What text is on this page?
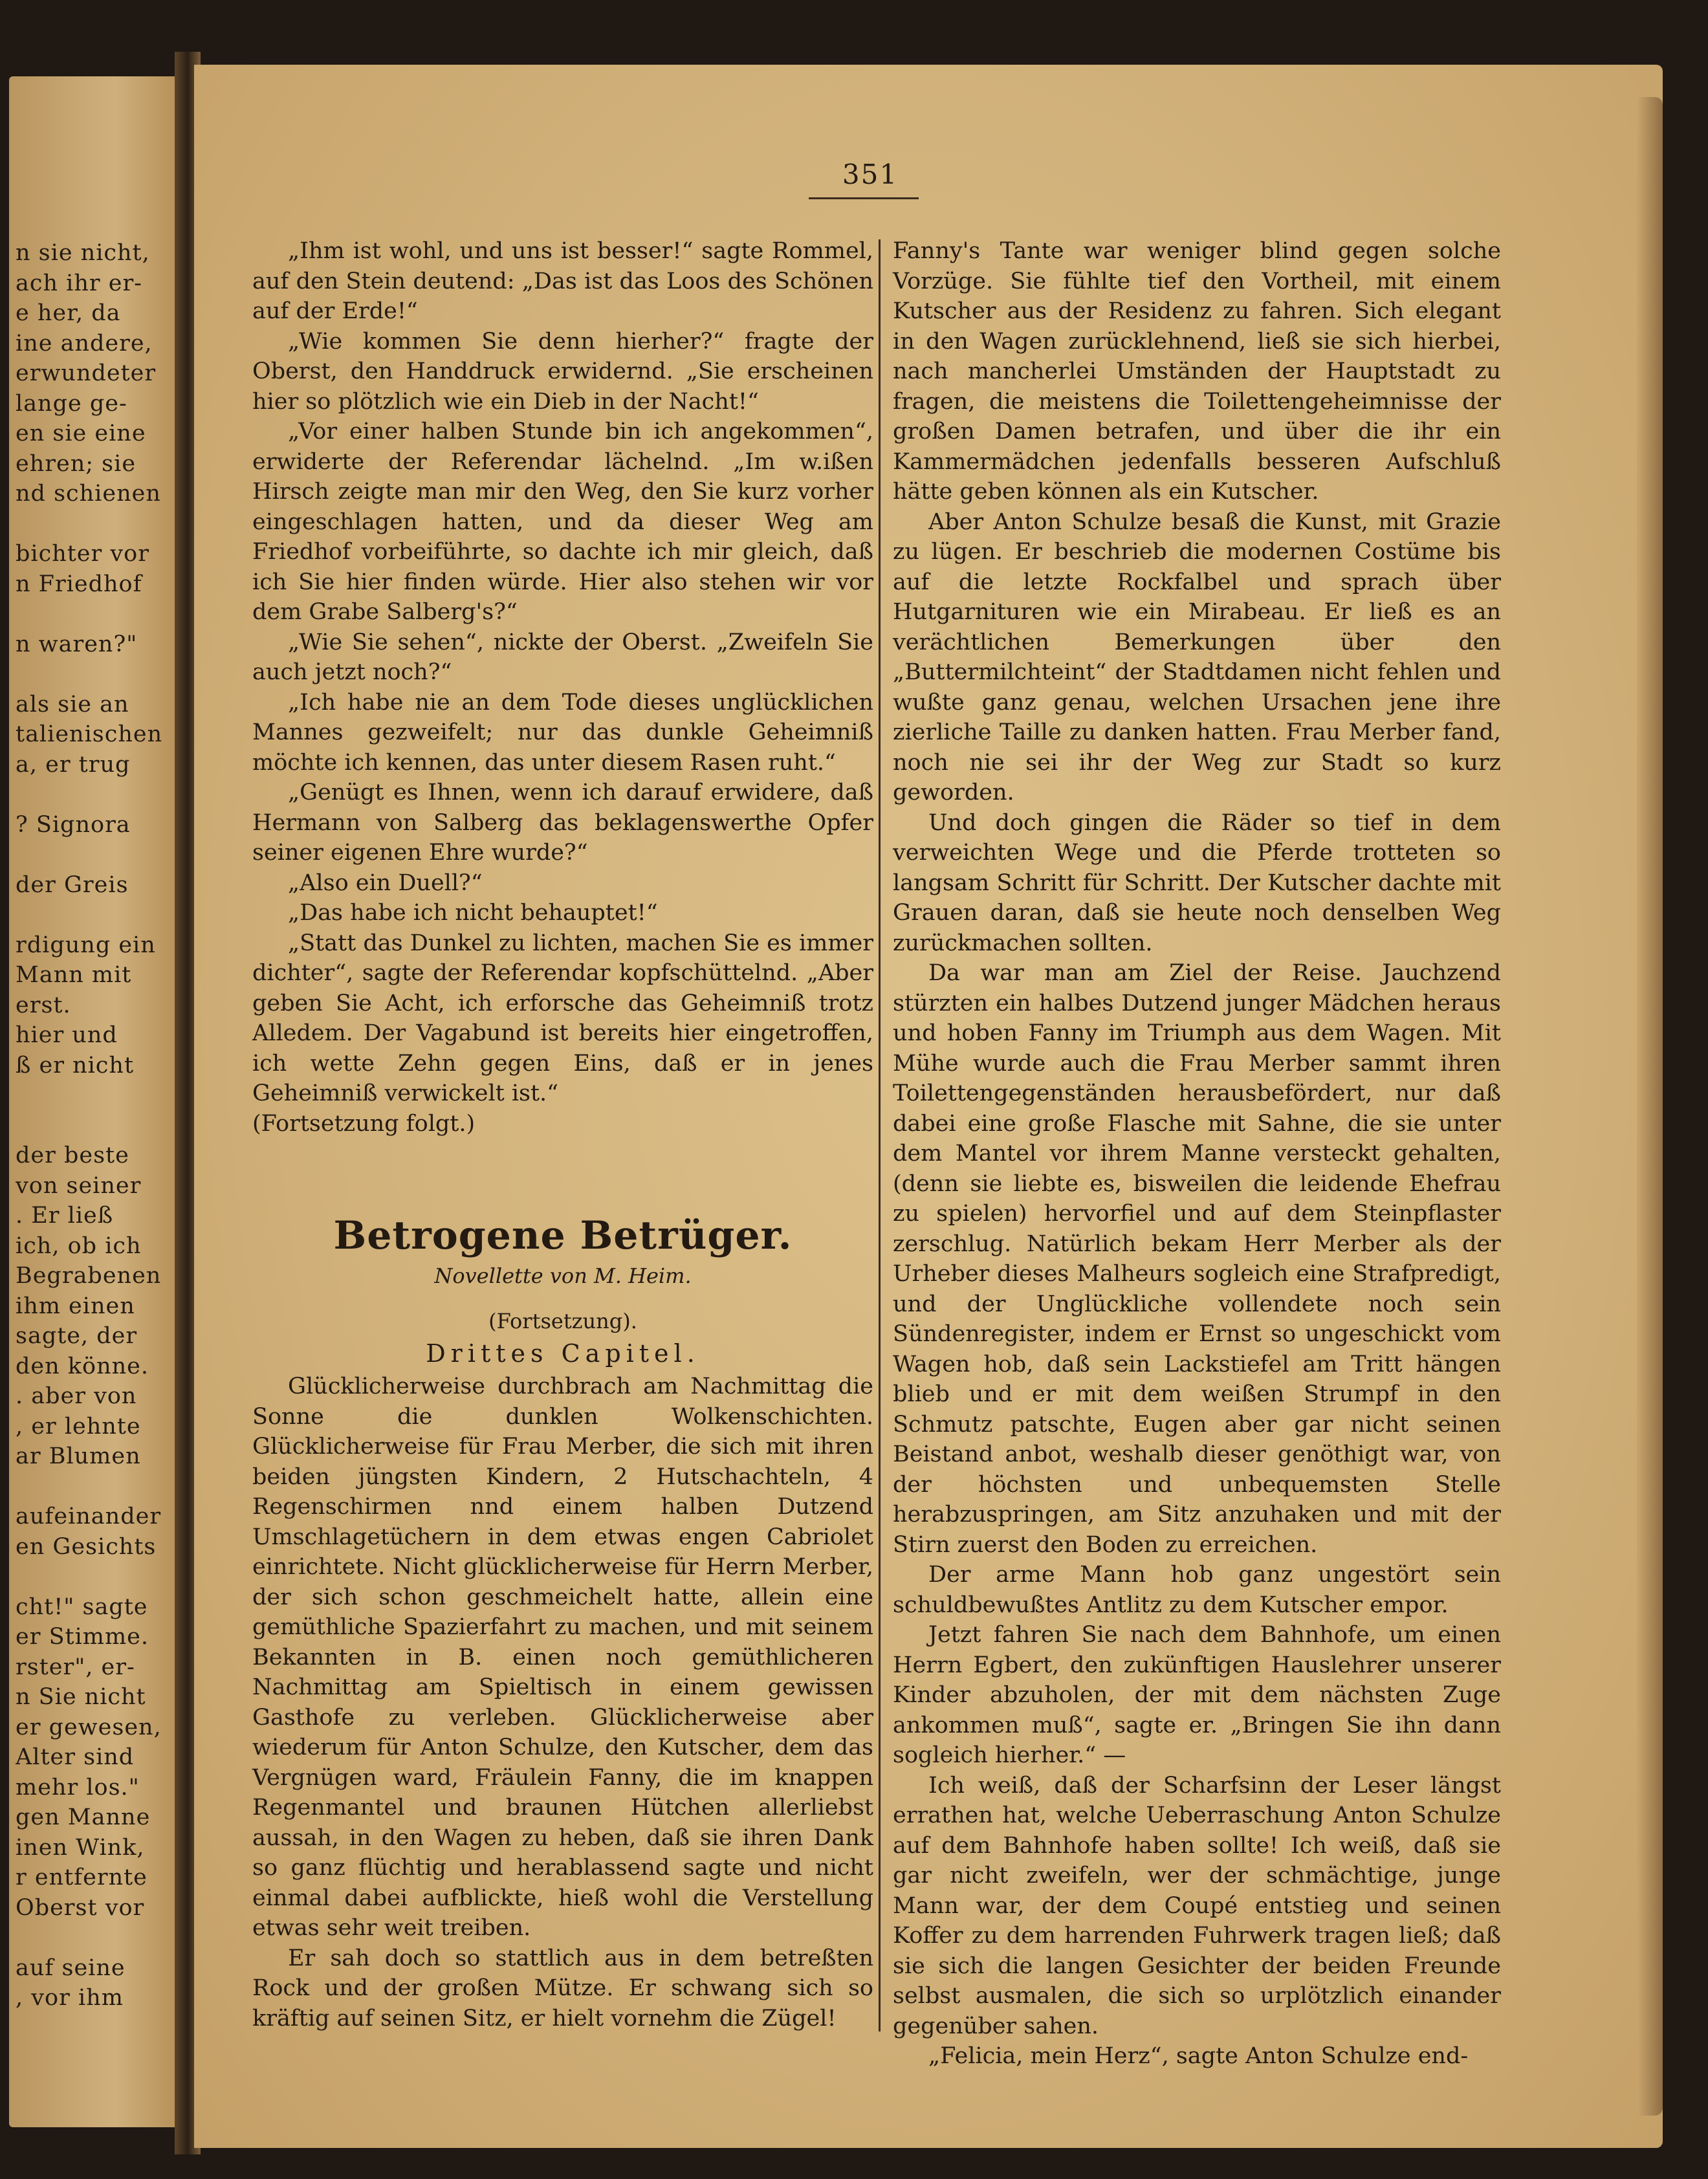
n sie nicht,
ach ihr er-
e her, da
ine andere,
erwundeter
lange ge-
en sie eine
ehren; sie
nd schienen
bichter vor
n Friedhof
n waren?"
als sie an
talienischen
a, er trug
? Signora
der Greis
rdigung ein
Mann mit
erst.
hier und
ß er nicht
der beste
von seiner
. Er ließ
ich, ob ich
Begrabenen
ihm einen
sagte, der
den könne.
. aber von
, er lehnte
ar Blumen
aufeinander
en Gesichts
cht!" sagte
er Stimme.
rster", er-
n Sie nicht
er gewesen,
Alter sind
mehr los."
gen Manne
inen Wink,
r entfernte
Oberst vor
auf seine
, vor ihm
351

„Ihm ist wohl, und uns ist besser!“ sagte Rommel, auf den Stein deutend: „Das ist das Loos des Schönen auf der Erde!“

„Wie kommen Sie denn hierher?“ fragte der Oberst, den Handdruck erwidernd. „Sie erscheinen hier so plötzlich wie ein Dieb in der Nacht!“

„Vor einer halben Stunde bin ich angekommen“, erwiderte der Referendar lächelnd. „Im w.ißen Hirsch zeigte man mir den Weg, den Sie kurz vorher eingeschlagen hatten, und da dieser Weg am Friedhof vorbeiführte, so dachte ich mir gleich, daß ich Sie hier finden würde. Hier also stehen wir vor dem Grabe Salberg's?“

„Wie Sie sehen“, nickte der Oberst. „Zweifeln Sie auch jetzt noch?“

„Ich habe nie an dem Tode dieses unglücklichen Mannes gezweifelt; nur das dunkle Geheimniß möchte ich kennen, das unter diesem Rasen ruht.“

„Genügt es Ihnen, wenn ich darauf erwidere, daß Hermann von Salberg das beklagenswerthe Opfer seiner eigenen Ehre wurde?“

„Also ein Duell?“

„Das habe ich nicht behauptet!“

„Statt das Dunkel zu lichten, machen Sie es immer dichter“, sagte der Referendar kopfschüttelnd. „Aber geben Sie Acht, ich erforsche das Geheimniß trotz Alledem. Der Vagabund ist bereits hier eingetroffen, ich wette Zehn gegen Eins, daß er in jenes Geheimniß verwickelt ist.“

(Fortsetzung folgt.)

Betrogene Betrüger.
Novellette von M. Heim.
(Fortsetzung).
Drittes Capitel.

Glücklicherweise durchbrach am Nachmittag die Sonne die dunklen Wolkenschichten. Glücklicherweise für Frau Merber, die sich mit ihren beiden jüngsten Kindern, 2 Hutschachteln, 4 Regenschirmen nnd einem halben Dutzend Umschlagetüchern in dem etwas engen Cabriolet einrichtete. Nicht glücklicherweise für Herrn Merber, der sich schon geschmeichelt hatte, allein eine gemüthliche Spazierfahrt zu machen, und mit seinem Bekannten in B. einen noch gemüthlicheren Nachmittag am Spieltisch in einem gewissen Gasthofe zu verleben. Glücklicherweise aber wiederum für Anton Schulze, den Kutscher, dem das Vergnügen ward, Fräulein Fanny, die im knappen Regenmantel und braunen Hütchen allerliebst aussah, in den Wagen zu heben, daß sie ihren Dank so ganz flüchtig und herablassend sagte und nicht einmal dabei aufblickte, hieß wohl die Verstellung etwas sehr weit treiben.

Er sah doch so stattlich aus in dem betreßten Rock und der großen Mütze. Er schwang sich so kräftig auf seinen Sitz, er hielt vornehm die Zügel!

Fanny's Tante war weniger blind gegen solche Vorzüge. Sie fühlte tief den Vortheil, mit einem Kutscher aus der Residenz zu fahren. Sich elegant in den Wagen zurücklehnend, ließ sie sich hierbei, nach mancherlei Umständen der Hauptstadt zu fragen, die meistens die Toilettengeheimnisse der großen Damen betrafen, und über die ihr ein Kammermädchen jedenfalls besseren Aufschluß hätte geben können als ein Kutscher.

Aber Anton Schulze besaß die Kunst, mit Grazie zu lügen. Er beschrieb die modernen Costüme bis auf die letzte Rockfalbel und sprach über Hutgarnituren wie ein Mirabeau. Er ließ es an verächtlichen Bemerkungen über den „Buttermilchteint“ der Stadtdamen nicht fehlen und wußte ganz genau, welchen Ursachen jene ihre zierliche Taille zu danken hatten. Frau Merber fand, noch nie sei ihr der Weg zur Stadt so kurz geworden.

Und doch gingen die Räder so tief in dem verweichten Wege und die Pferde trotteten so langsam Schritt für Schritt. Der Kutscher dachte mit Grauen daran, daß sie heute noch denselben Weg zurückmachen sollten.

Da war man am Ziel der Reise. Jauchzend stürzten ein halbes Dutzend junger Mädchen heraus und hoben Fanny im Triumph aus dem Wagen. Mit Mühe wurde auch die Frau Merber sammt ihren Toilettengegenständen herausbefördert, nur daß dabei eine große Flasche mit Sahne, die sie unter dem Mantel vor ihrem Manne versteckt gehalten, (denn sie liebte es, bisweilen die leidende Ehefrau zu spielen) hervorfiel und auf dem Steinpflaster zerschlug. Natürlich bekam Herr Merber als der Urheber dieses Malheurs sogleich eine Strafpredigt, und der Unglückliche vollendete noch sein Sündenregister, indem er Ernst so ungeschickt vom Wagen hob, daß sein Lackstiefel am Tritt hängen blieb und er mit dem weißen Strumpf in den Schmutz patschte, Eugen aber gar nicht seinen Beistand anbot, weshalb dieser genöthigt war, von der höchsten und unbequemsten Stelle herabzuspringen, am Sitz anzuhaken und mit der Stirn zuerst den Boden zu erreichen.

Der arme Mann hob ganz ungestört sein schuldbewußtes Antlitz zu dem Kutscher empor.

Jetzt fahren Sie nach dem Bahnhofe, um einen Herrn Egbert, den zukünftigen Hauslehrer unserer Kinder abzuholen, der mit dem nächsten Zuge ankommen muß“, sagte er. „Bringen Sie ihn dann sogleich hierher.“ —

Ich weiß, daß der Scharfsinn der Leser längst errathen hat, welche Ueberraschung Anton Schulze auf dem Bahnhofe haben sollte! Ich weiß, daß sie gar nicht zweifeln, wer der schmächtige, junge Mann war, der dem Coupé entstieg und seinen Koffer zu dem harrenden Fuhrwerk tragen ließ; daß sie sich die langen Gesichter der beiden Freunde selbst ausmalen, die sich so urplötzlich einander gegenüber sahen.

„Felicia, mein Herz“, sagte Anton Schulze end-
